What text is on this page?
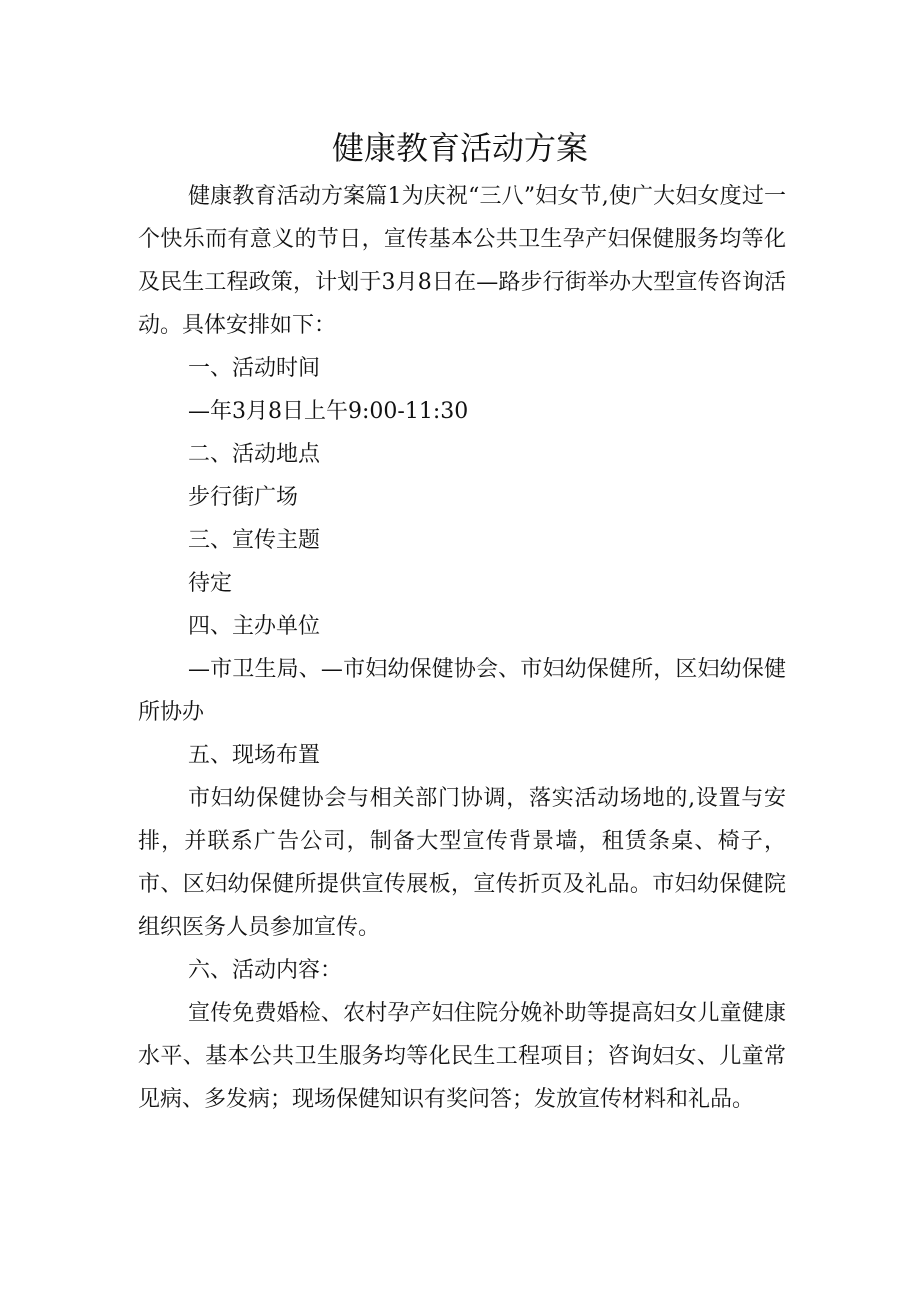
健康教育活动方案

健康教育活动方案篇1为庆祝“三八”妇女节,使广大妇女度过一个快乐而有意义的节日，宣传基本公共卫生孕产妇保健服务均等化及民生工程政策，计划于3月8日在—路步行街举办大型宣传咨询活动。具体安排如下：

一、活动时间

—年3月8日上午9:00-11:30

二、活动地点

步行街广场

三、宣传主题

待定

四、主办单位

—市卫生局、—市妇幼保健协会、市妇幼保健所，区妇幼保健所协办

五、现场布置

市妇幼保健协会与相关部门协调，落实活动场地的,设置与安排，并联系广告公司，制备大型宣传背景墙，租赁条桌、椅子，市、区妇幼保健所提供宣传展板，宣传折页及礼品。市妇幼保健院组织医务人员参加宣传。

六、活动内容：

宣传免费婚检、农村孕产妇住院分娩补助等提高妇女儿童健康水平、基本公共卫生服务均等化民生工程项目；咨询妇女、儿童常见病、多发病；现场保健知识有奖问答；发放宣传材料和礼品。
